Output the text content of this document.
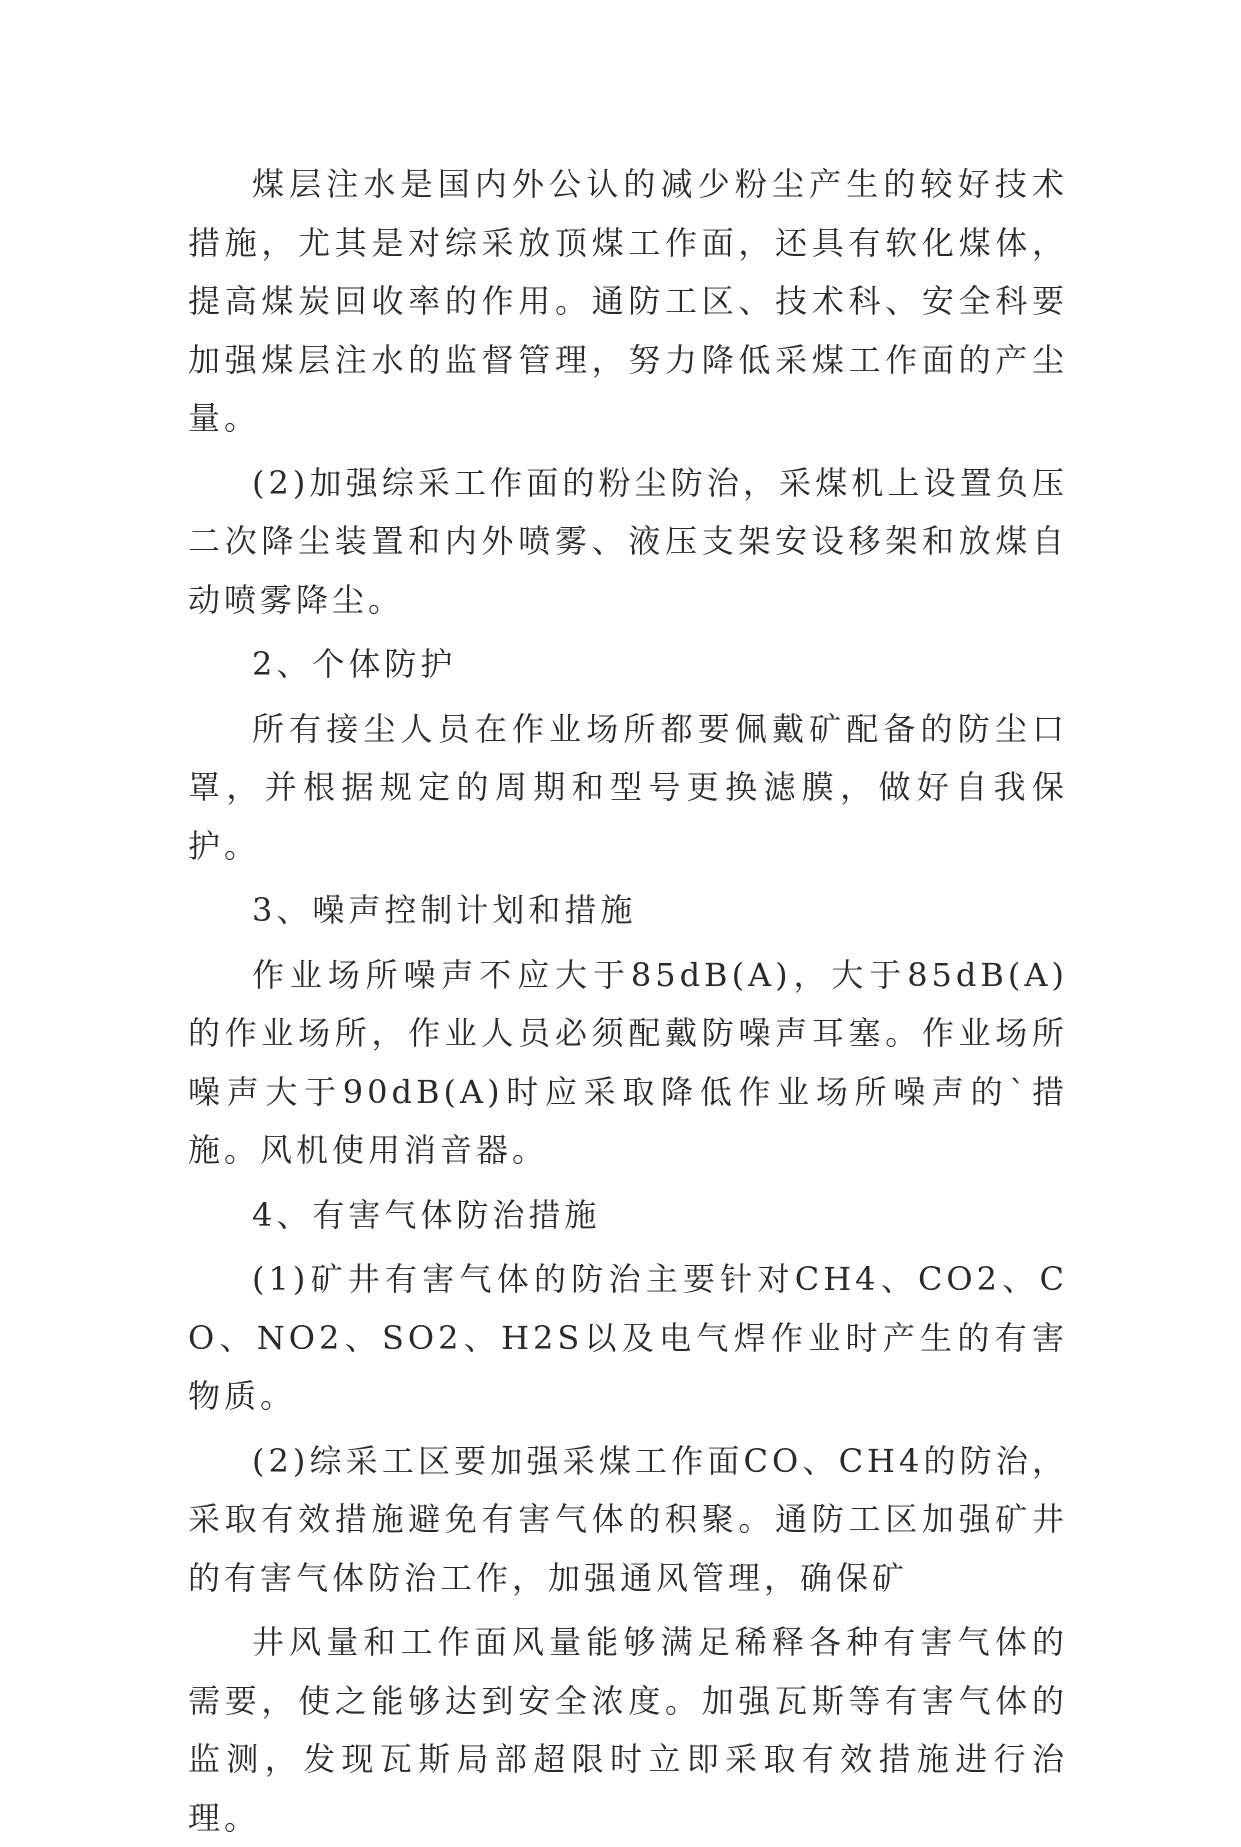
煤层注水是国内外公认的减少粉尘产生的较好技术措施，尤其是对综采放顶煤工作面，还具有软化煤体，提高煤炭回收率的作用。通防工区、技术科、安全科要加强煤层注水的监督管理，努力降低采煤工作面的产尘量。

(2)加强综采工作面的粉尘防治，采煤机上设置负压二次降尘装置和内外喷雾、液压支架安设移架和放煤自动喷雾降尘。

2、个体防护

所有接尘人员在作业场所都要佩戴矿配备的防尘口罩，并根据规定的周期和型号更换滤膜，做好自我保护。

3、噪声控制计划和措施

作业场所噪声不应大于85dB(A)，大于85dB(A)的作业场所，作业人员必须配戴防噪声耳塞。作业场所噪声大于90dB(A)时应采取降低作业场所噪声的`措施。风机使用消音器。

4、有害气体防治措施

(1)矿井有害气体的防治主要针对CH4、CO2、CO、NO2、SO2、H2S以及电气焊作业时产生的有害物质。

(2)综采工区要加强采煤工作面CO、CH4的防治，采取有效措施避免有害气体的积聚。通防工区加强矿井的有害气体防治工作，加强通风管理，确保矿

井风量和工作面风量能够满足稀释各种有害气体的需要，使之能够达到安全浓度。加强瓦斯等有害气体的监测，发现瓦斯局部超限时立即采取有效措施进行治理。
